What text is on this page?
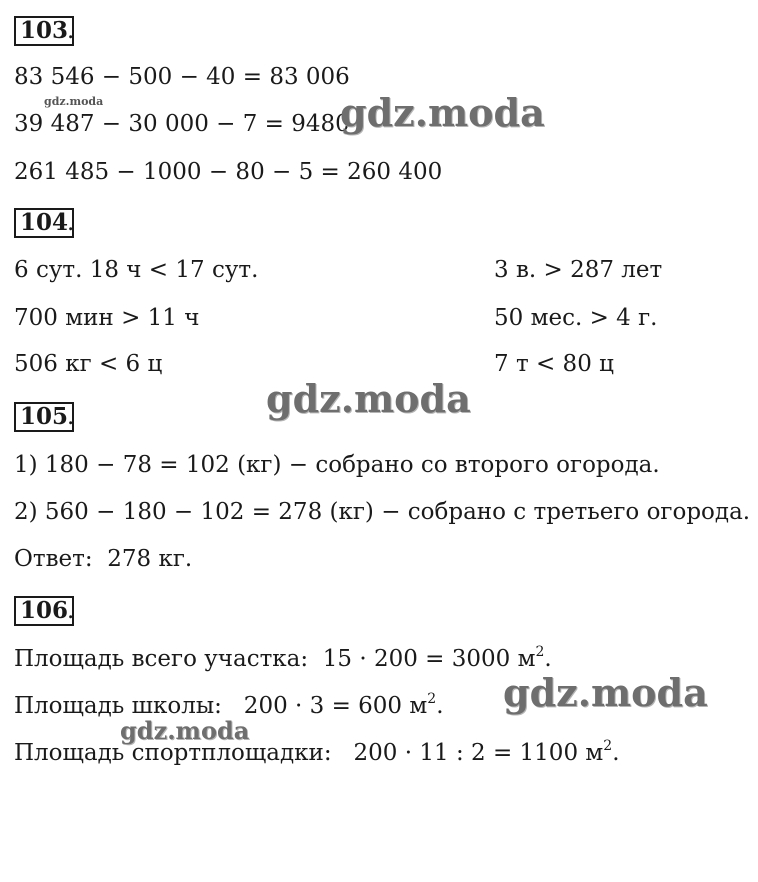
103
.
83 546 − 500 − 40 = 83 006
39 487 − 30 000 − 7 = 9480
261 485 − 1000 − 80 − 5 = 260 400
104
.
6 сут. 18 ч < 17 сут.
700 мин > 11 ч
506 кг < 6 ц
3 в. > 287 лет
50 мес. > 4 г.
7 т < 80 ц
105
.
1) 180 − 78 = 102 (кг) − собрано со второго огорода.
2) 560 − 180 − 102 = 278 (кг) − собрано с третьего огорода.
Ответ:  278 кг.
106
.
Площадь всего участка:  15 · 200 = 3000 $м^2$.
Площадь школы:   200 · 3 = 600 $м^2$.
Площадь спортплощадки:   200 · 11 : 2 = 1100 $м^2$.
gdz.moda	gdz.moda
gdz.moda
gdz.moda
gdz.moda
